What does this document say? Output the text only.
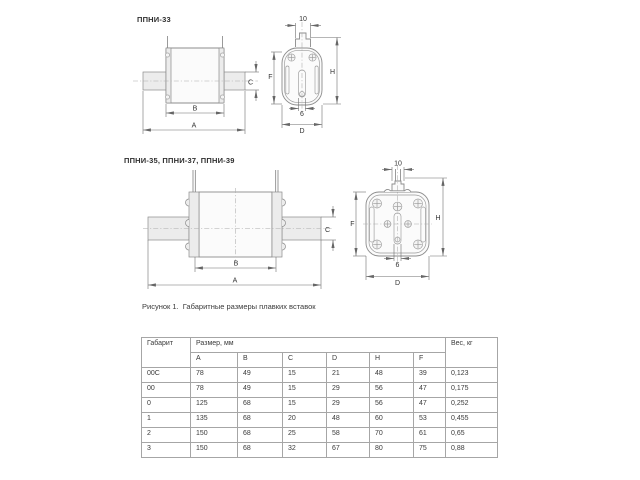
ППНИ-33
C
B
A
10
H
F
6
D
ППНИ-35, ППНИ-37, ППНИ-39
B
A
C
10
H
F
6
D
Рисунок 1.  Габаритные размеры плавких вставок
Габарит	Размер, мм						Вес, кг
	A	B	C	D	H	F	
00C	78	49	15	21	48	39	0,123
00	78	49	15	29	56	47	0,175
0	125	68	15	29	56	47	0,252
1	135	68	20	48	60	53	0,455
2	150	68	25	58	70	61	0,65
3	150	68	32	67	80	75	0,88
